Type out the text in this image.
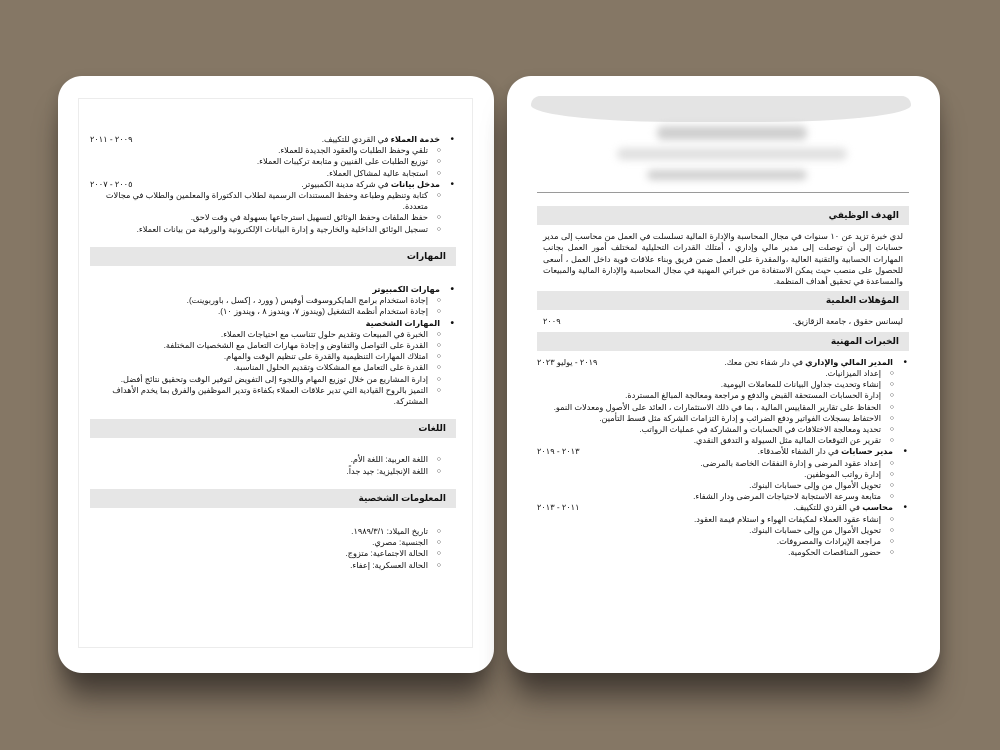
• خدمة العملاء في القردي للتكييف.
٢٠٠٩ - ٢٠١١
○ تلقي وحفظ الطلبات والعقود الجديدة للعملاء.
○ توزيع الطلبات على الفنيين و متابعة تركيبات العملاء.
○ استجابة عالية لمشاكل العملاء.
• مدخل بيانات في شركة مدينة الكمبيوتر.
٢٠٠٥ - ٢٠٠٧
○ كتابة وتنظيم وطباعة وحفظ المستندات الرسمية لطلاب الدكتوراة والمعلمين والطلاب في مجالات متعددة.
○ حفظ الملفات وحفظ الوثائق لتسهيل استرجاعها بسهولة في وقت لاحق.
○ تسجيل الوثائق الداخلية والخارجية و إدارة البيانات الإلكترونية والورقية من بيانات العملاء.
المهارات
• مهارات الكمبيوتر
○ إجادة استخدام برامج المايكروسوفت أوفيس ( وورد ، إكسل ، باوربوينت).
○ إجادة استخدام أنظمة التشغيل (ويندوز ٧، ويندوز ٨ ، ويندوز ١٠).
• المهارات الشخصية
○ الخبرة في المبيعات وتقديم حلول تتناسب مع احتياجات العملاء.
○ القدرة على التواصل والتفاوض و إجادة مهارات التعامل مع الشخصيات المختلفة.
○ امتلاك المهارات التنظيمية والقدرة على تنظيم الوقت والمهام.
○ القدرة على التعامل مع المشكلات وتقديم الحلول المناسبة.
○ إدارة المشاريع من خلال توزيع المهام واللجوء إلى التفويض لتوفير الوقت وتحقيق نتائج أفضل.
○ التميز بالروح القيادية التي تدير علاقات العملاء بكفاءة وتدير الموظفين والفرق بما يخدم الأهداف المشتركة.
اللغات
○ اللغة العربية: اللغة الأم.
○ اللغة الإنجليزية: جيد جداً.
المعلومات الشخصية
○ تاريخ الميلاد: ١٩٨٩/٣/١.
○ الجنسية: مصري.
○ الحالة الاجتماعية: متزوج.
○ الحالة العسكرية: إعفاء.
الهدف الوظيفي
لدي خبرة تزيد عن ١٠ سنوات في مجال المحاسبة والإدارة المالية تسلسلت في العمل من محاسب إلى مدير حسابات إلى أن توصلت إلى مدير مالي وإداري ، أمتلك القدرات التحليلية لمختلف أمور العمل بجانب المهارات الحسابية والتقنية العالية ،والمقدرة على العمل ضمن فريق وبناء علاقات قوية داخل العمل ، أسعى للحصول على منصب حيث يمكن الاستفادة من خبراتي المهنية في مجال المحاسبة والإدارة المالية والمبيعات والمساعدة في تحقيق أهداف المنظمة.
المؤهلات العلمية
ليسانس حقوق ، جامعة الزقازيق.
٢٠٠٩
الخبرات المهنية
• المدير المالي والإداري في دار شفاء نحن معك.
٢٠١٩ - يوليو ٢٠٢٣
○ إعداد الميزانيات.
○ إنشاء وتحديث جداول البيانات للمعاملات اليومية.
○ إدارة الحسابات المستحقة القبض والدفع و مراجعة ومعالجة المبالغ المستردة.
○ الحفاظ على تقارير المقاييس المالية ، بما في ذلك الاستثمارات ، العائد على الأصول ومعدلات النمو.
○ الاحتفاظ بسجلات الفواتير ودفع الضرائب و إدارة التزامات الشركة مثل قسط التأمين.
○ تحديد ومعالجة الاختلافات في الحسابات و المشاركة في عمليات الرواتب.
○ تقرير عن التوقعات المالية مثل السيولة و التدفق النقدي.
• مدير حسابات في دار الشفاء للأصدقاء.
٢٠١٣ - ٢٠١٩
○ إعداد عقود المرضى و إدارة النفقات الخاصة بالمرضى.
○ إدارة رواتب الموظفين.
○ تحويل الأموال من وإلى حسابات البنوك.
○ متابعة وسرعة الاستجابة لاحتياجات المرضى ودار الشفاء.
• محاسب في القردي للتكييف.
٢٠١١ - ٢٠١٣
○ إنشاء عقود العملاء لمكيفات الهواء و استلام قيمة العقود.
○ تحويل الأموال من وإلى حسابات البنوك.
○ مراجعة الإيرادات والمصروفات.
○ حضور المناقصات الحكومية.
